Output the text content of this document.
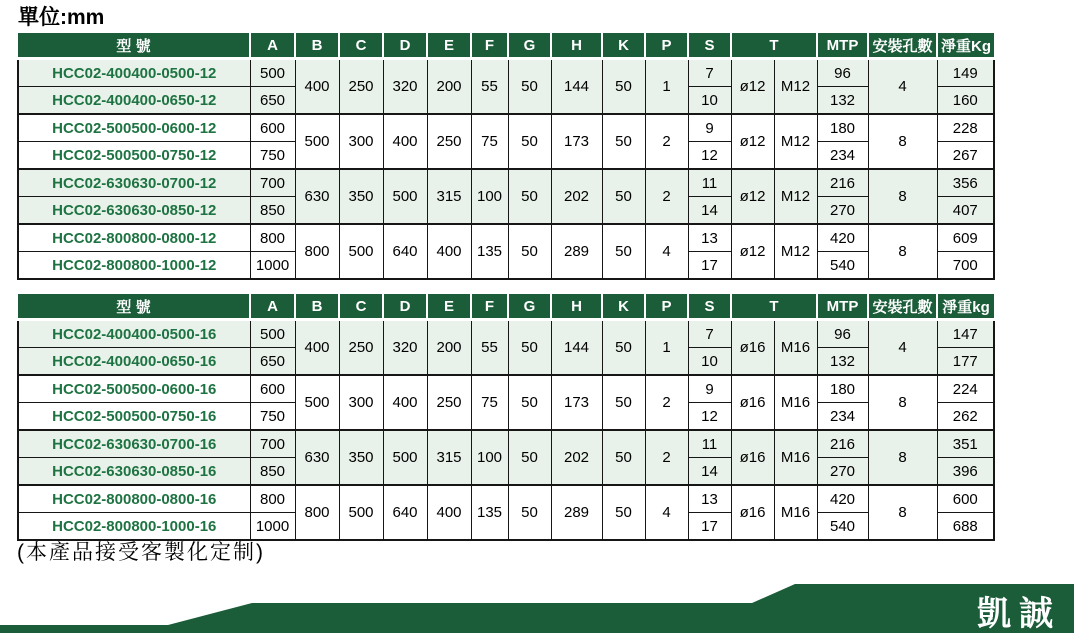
單位:mm
型 號	A	B	C	D	E	F	G	H	K	P	S	T		MTP	安裝孔數	淨重Kg
HCC02-400400-0500-12	500	400	250	320	200	55	50	144	50	1	7	ø12	M12	96	4	149
HCC02-400400-0650-12	650										10			132		160
HCC02-500500-0600-12	600	500	300	400	250	75	50	173	50	2	9	ø12	M12	180	8	228
HCC02-500500-0750-12	750										12			234		267
HCC02-630630-0700-12	700	630	350	500	315	100	50	202	50	2	11	ø12	M12	216	8	356
HCC02-630630-0850-12	850										14			270		407
HCC02-800800-0800-12	800	800	500	640	400	135	50	289	50	4	13	ø12	M12	420	8	609
HCC02-800800-1000-12	1000										17			540		700
型 號	A	B	C	D	E	F	G	H	K	P	S	T		MTP	安裝孔數	淨重kg
HCC02-400400-0500-16	500	400	250	320	200	55	50	144	50	1	7	ø16	M16	96	4	147
HCC02-400400-0650-16	650										10			132		177
HCC02-500500-0600-16	600	500	300	400	250	75	50	173	50	2	9	ø16	M16	180	8	224
HCC02-500500-0750-16	750										12			234		262
HCC02-630630-0700-16	700	630	350	500	315	100	50	202	50	2	11	ø16	M16	216	8	351
HCC02-630630-0850-16	850										14			270		396
HCC02-800800-0800-16	800	800	500	640	400	135	50	289	50	4	13	ø16	M16	420	8	600
HCC02-800800-1000-16	1000										17			540		688
(本產品接受客製化定制)
凱誠
